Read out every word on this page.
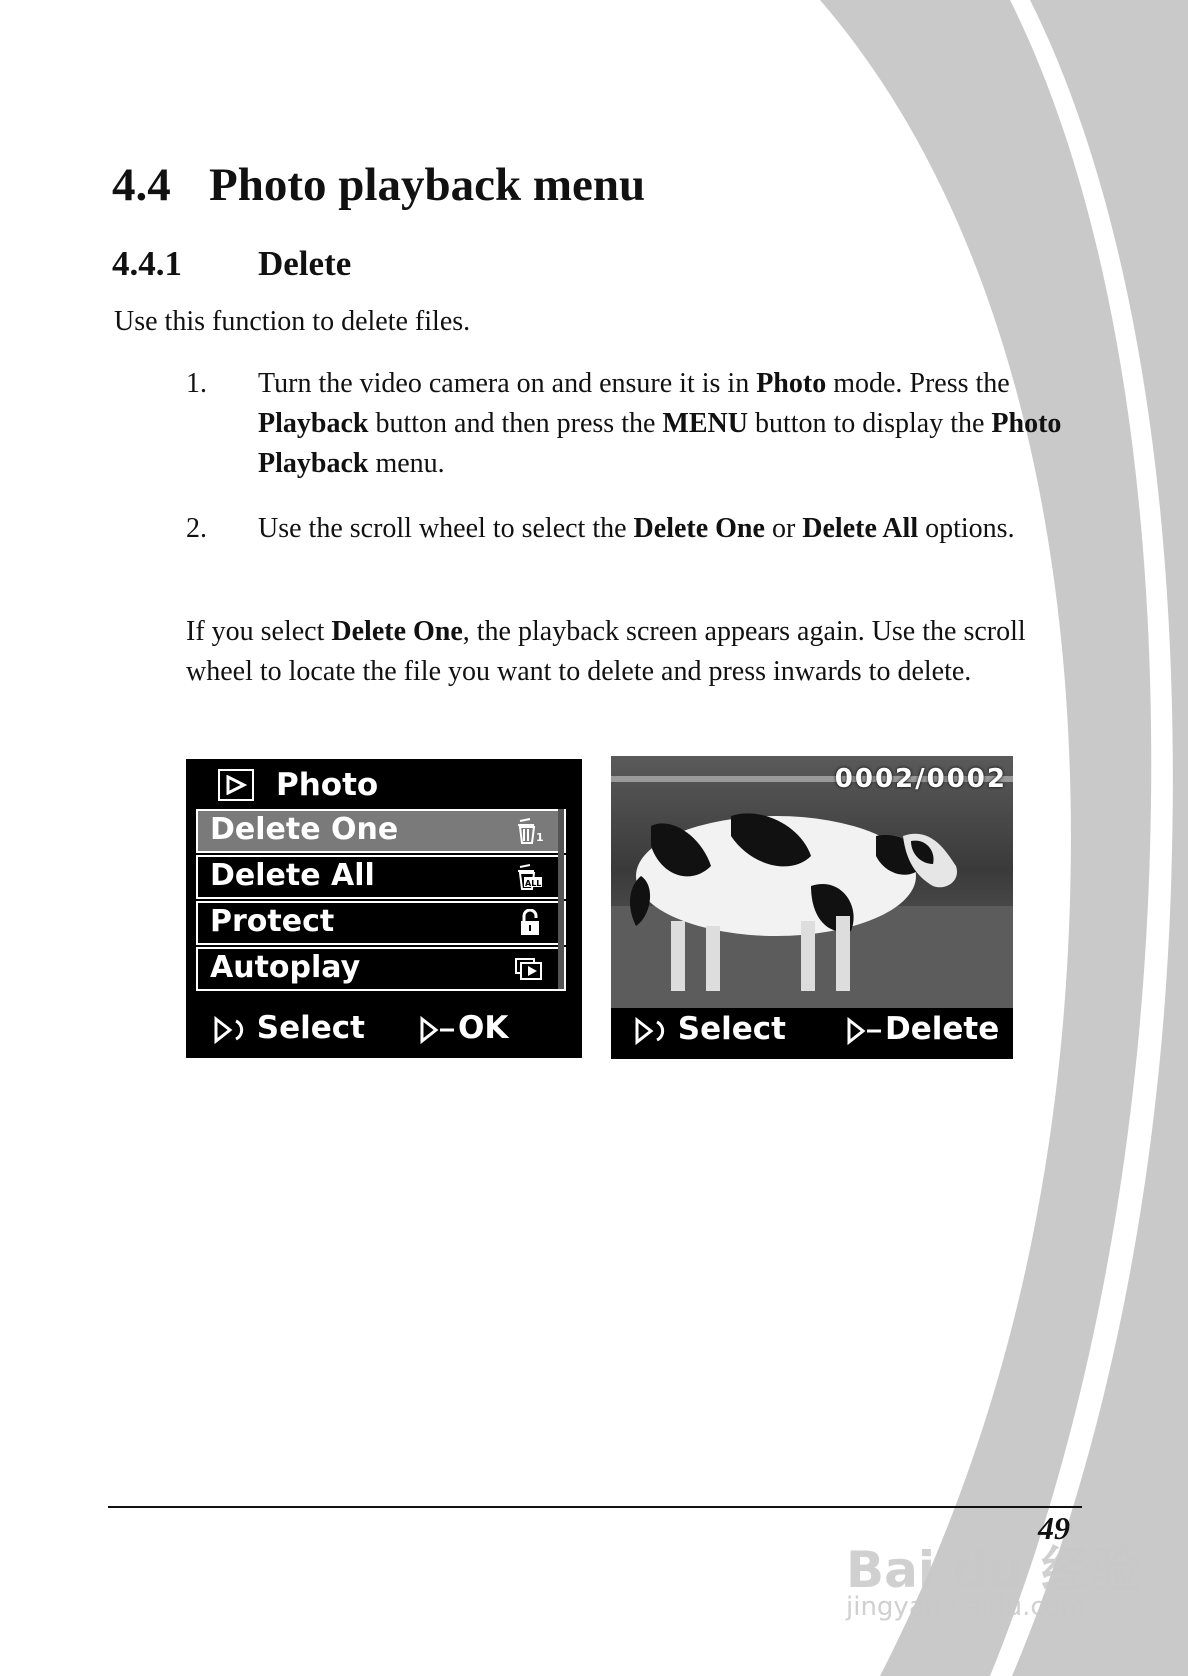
4.4 Photo playback menu
4.4.1 Delete

Use this function to delete files.

1. Turn the video camera on and ensure it is in Photo mode. Press the Playback button and then press the MENU button to display the Photo Playback menu.

2. Use the scroll wheel to select the Delete One or Delete All options.

If you select Delete One, the playback screen appears again. Use the scroll wheel to locate the file you want to delete and press inwards to delete.

Photo
Delete One	1
Delete All	ALL
Protect
Autoplay
Select	OK
0002/0002
Select	Delete
49
Bai du 经验
jingyan.baidu.com
